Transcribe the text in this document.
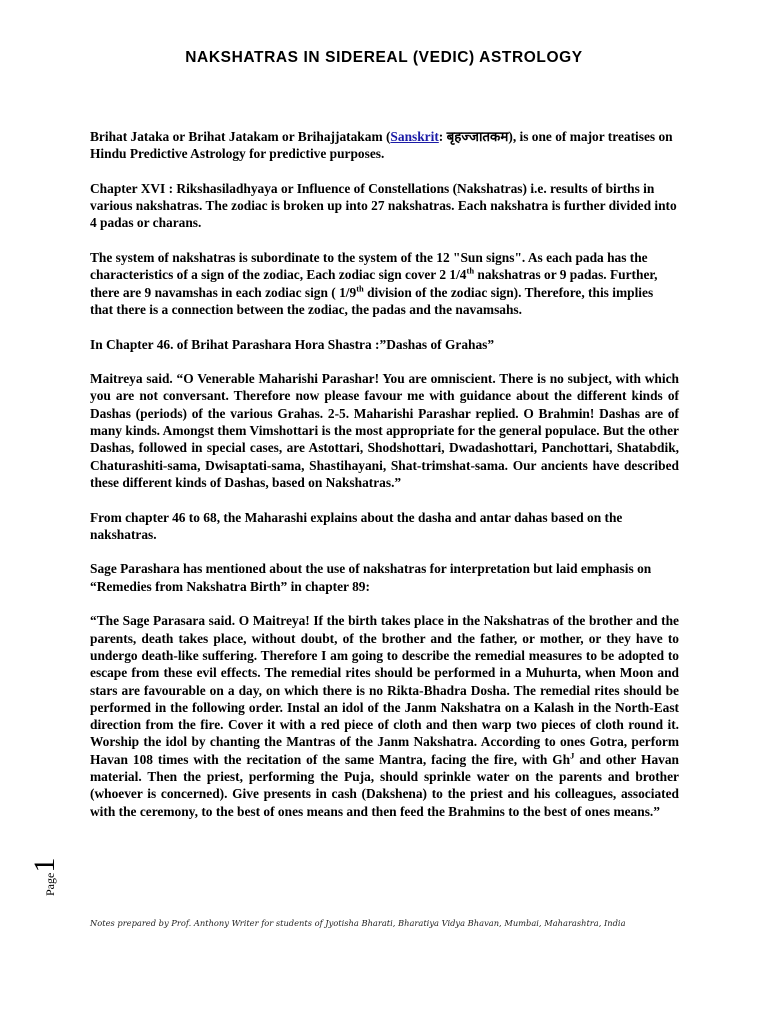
NAKSHATRAS IN SIDEREAL (VEDIC) ASTROLOGY

Brihat Jataka or Brihat Jatakam or Brihajjatakam (Sanskrit: बृहज्जातकम), is one of major treatises on Hindu Predictive Astrology for predictive purposes.

Chapter XVI : Rikshasiladhyaya or Influence of Constellations (Nakshatras) i.e. results of births in various nakshatras. The zodiac is broken up into 27 nakshatras. Each nakshatra is further divided into 4 padas or charans.

The system of nakshatras is subordinate to the system of the 12 "Sun signs". As each pada has the characteristics of a sign of the zodiac, Each zodiac sign cover 2 1/4th nakshatras or 9 padas. Further, there are 9 navamshas in each zodiac sign ( 1/9th division of the zodiac sign). Therefore, this implies that there is a connection between the zodiac, the padas and the navamsahs.

In Chapter 46. of Brihat Parashara Hora Shastra :”Dashas of Grahas”

Maitreya said. “O Venerable Maharishi Parashar! You are omniscient. There is no subject, with which you are not conversant. Therefore now please favour me with guidance about the different kinds of Dashas (periods) of the various Grahas. 2-5. Maharishi Parashar replied. O Brahmin! Dashas are of many kinds. Amongst them Vimshottari is the most appropriate for the general populace. But the other Dashas, followed in special cases, are Astottari, Shodshottari, Dwadashottari, Panchottari, Shatabdik, Chaturashiti-sama, Dwisaptati-sama, Shastihayani, Shat-trimshat-sama. Our ancients have described these different kinds of Dashas, based on Nakshatras.”

From chapter 46 to 68, the Maharashi explains about the dasha and antar dahas based on the nakshatras.

Sage Parashara has mentioned about the use of nakshatras for interpretation but laid emphasis on “Remedies from Nakshatra Birth” in chapter 89:

“The Sage Parasara said. O Maitreya! If the birth takes place in the Nakshatras of the brother and the parents, death takes place, without doubt, of the brother and the father, or mother, or they have to undergo death-like suffering. Therefore I am going to describe the remedial measures to be adopted to escape from these evil effects. The remedial rites should be performed in a Muhurta, when Moon and stars are favourable on a day, on which there is no Rikta-Bhadra Dosha. The remedial rites should be performed in the following order. Instal an idol of the Janm Nakshatra on a Kalash in the North-East direction from the fire. Cover it with a red piece of cloth and then warp two pieces of cloth round it. Worship the idol by chanting the Mantras of the Janm Nakshatra. According to ones Gotra, perform Havan 108 times with the recitation of the same Mantra, facing the fire, with $Gh^J$ and other Havan material. Then the priest, performing the Puja, should sprinkle water on the parents and brother (whoever is concerned). Give presents in cash (Dakshena) to the priest and his colleagues, associated with the ceremony, to the best of ones means and then feed the Brahmins to the best of ones means.”

Page1
Notes prepared by Prof. Anthony Writer for students of Jyotisha Bharati, Bharatiya Vidya Bhavan, Mumbai, Maharashtra, India
